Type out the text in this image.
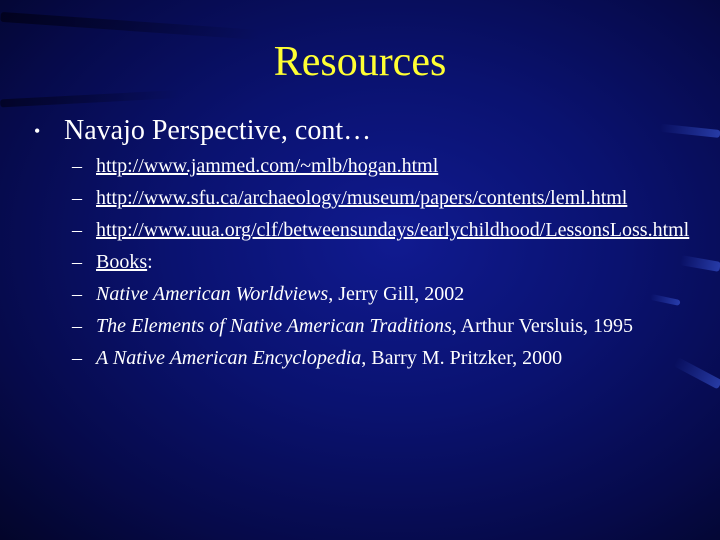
Resources
• Navajo Perspective, cont…
– http://www.jammed.com/~mlb/hogan.html
– http://www.sfu.ca/archaeology/museum/papers/contents/leml.html
– http://www.uua.org/clf/betweensundays/earlychildhood/LessonsLoss.html
– Books:
– Native American Worldviews, Jerry Gill, 2002
– The Elements of Native American Traditions, Arthur Versluis, 1995
– A Native American Encyclopedia, Barry M. Pritzker, 2000
